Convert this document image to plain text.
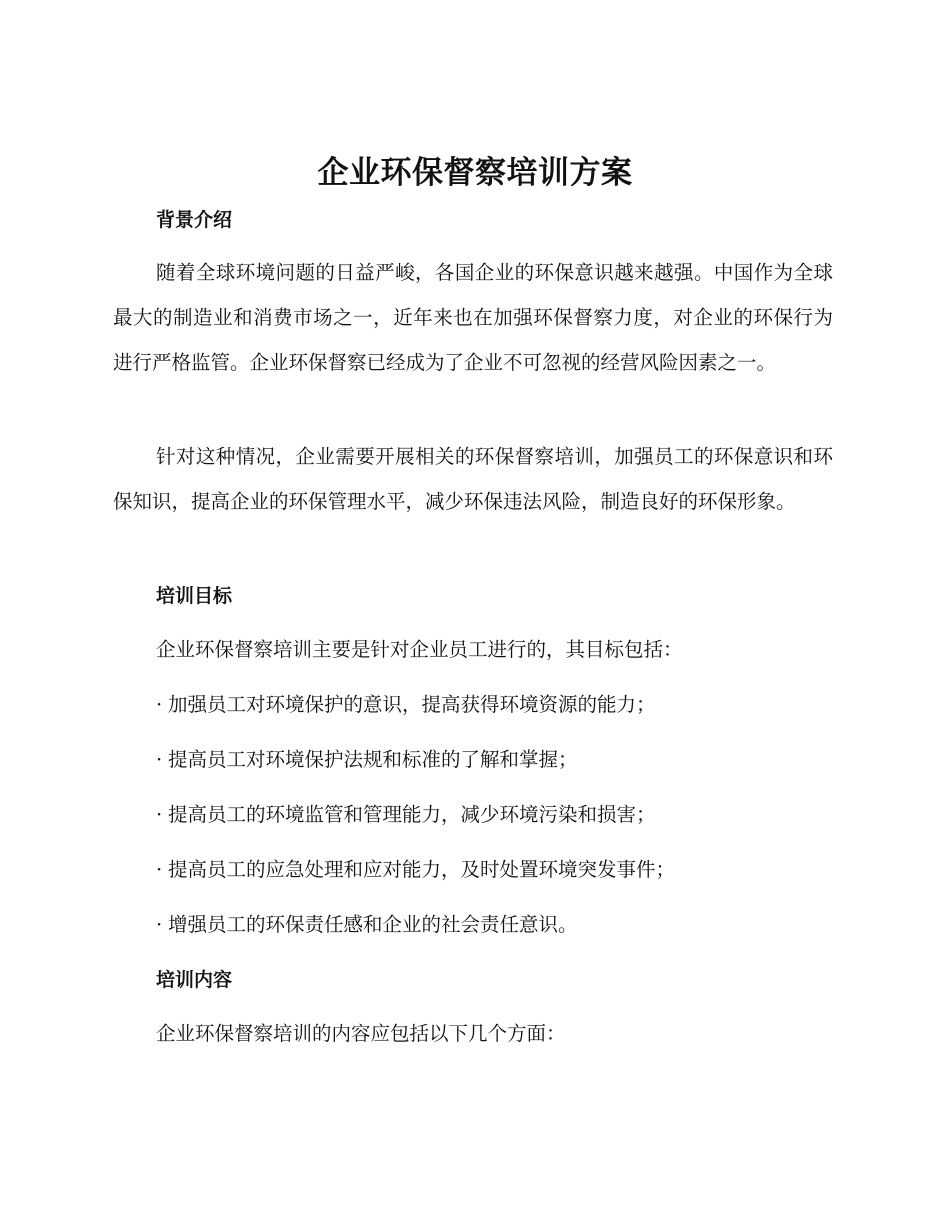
企业环保督察培训方案
背景介绍

随着全球环境问题的日益严峻，各国企业的环保意识越来越强。中国作为全球最大的制造业和消费市场之一，近年来也在加强环保督察力度，对企业的环保行为进行严格监管。企业环保督察已经成为了企业不可忽视的经营风险因素之一。

针对这种情况，企业需要开展相关的环保督察培训，加强员工的环保意识和环保知识，提高企业的环保管理水平，减少环保违法风险，制造良好的环保形象。

培训目标

企业环保督察培训主要是针对企业员工进行的，其目标包括：

· 加强员工对环境保护的意识，提高获得环境资源的能力；

· 提高员工对环境保护法规和标准的了解和掌握；

· 提高员工的环境监管和管理能力，减少环境污染和损害；

· 提高员工的应急处理和应对能力，及时处置环境突发事件；

· 增强员工的环保责任感和企业的社会责任意识。

培训内容

企业环保督察培训的内容应包括以下几个方面：
